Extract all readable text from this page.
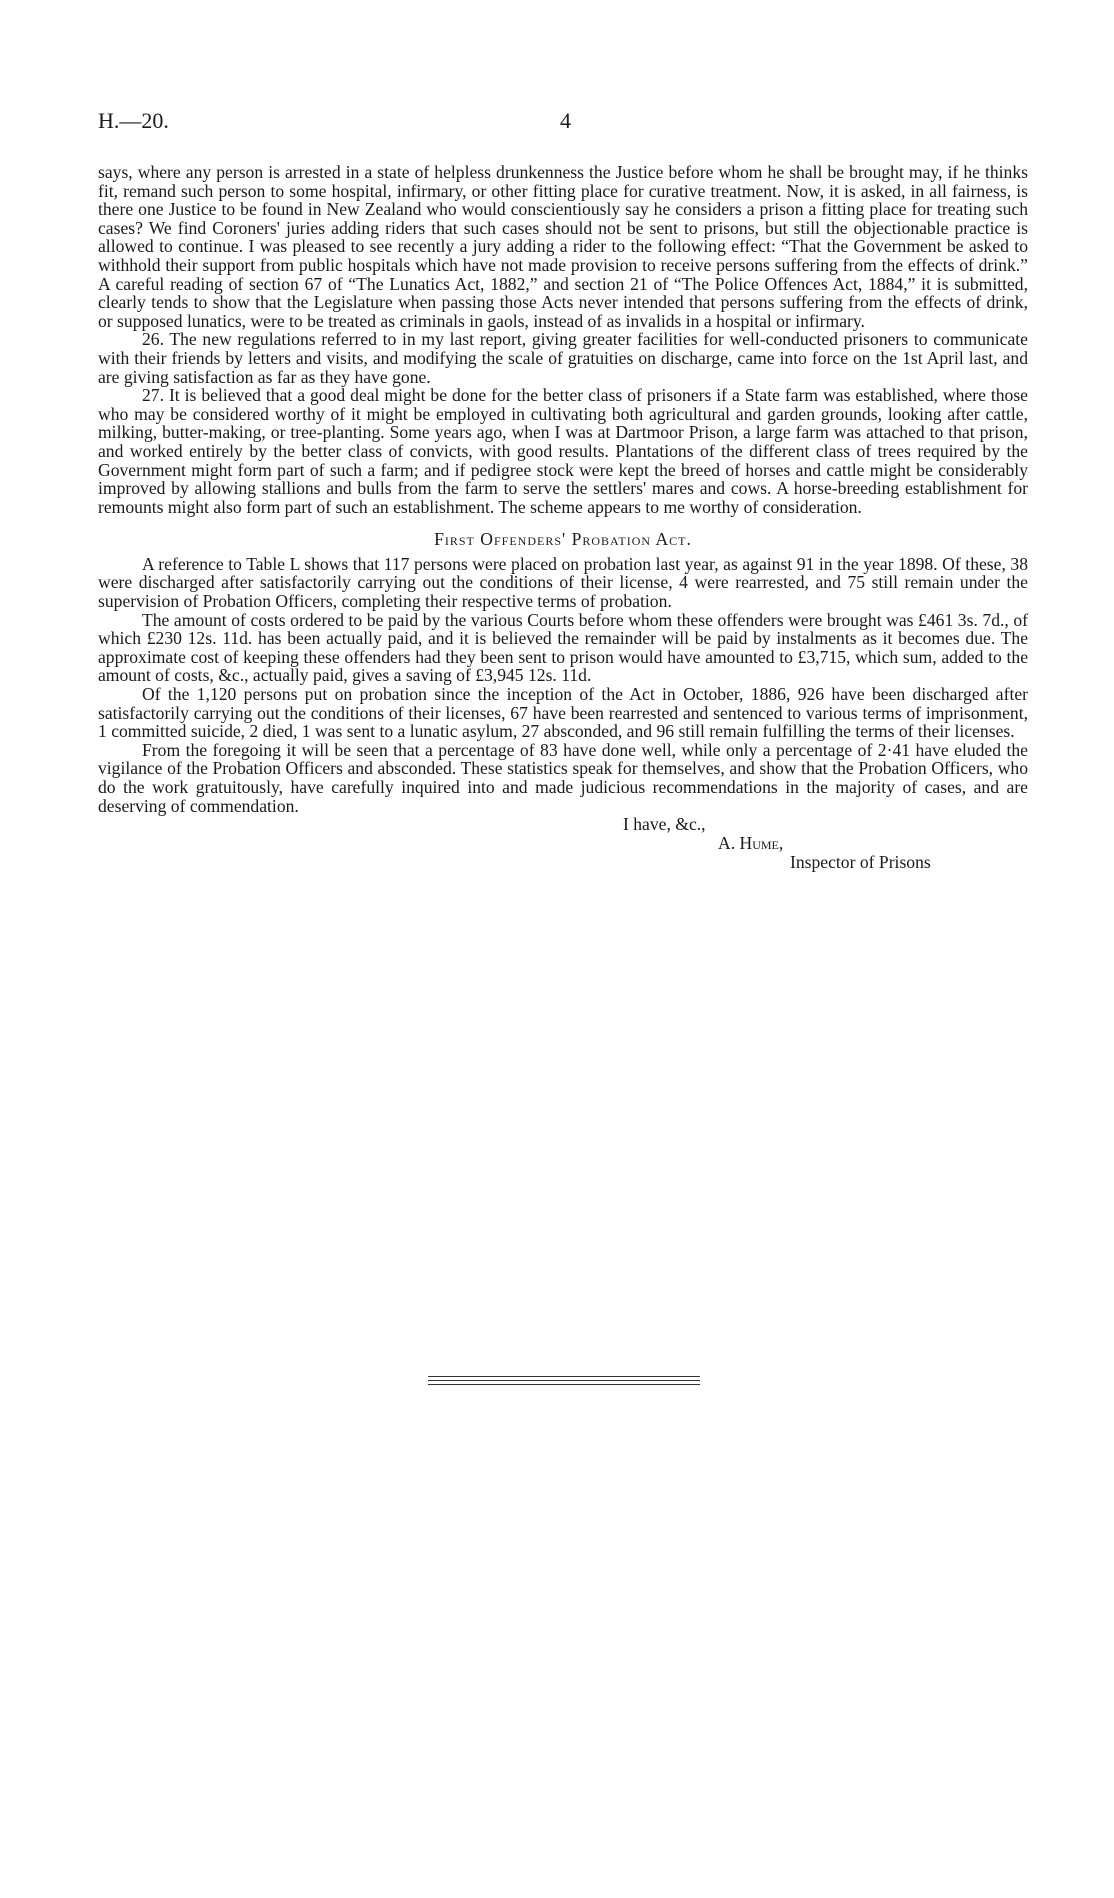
H.—20.	4

says, where any person is arrested in a state of helpless drunkenness the Justice before whom he shall be brought may, if he thinks fit, remand such person to some hospital, infirmary, or other fitting place for curative treatment. Now, it is asked, in all fairness, is there one Justice to be found in New Zealand who would conscientiously say he considers a prison a fitting place for treating such cases? We find Coroners' juries adding riders that such cases should not be sent to prisons, but still the objectionable practice is allowed to continue. I was pleased to see recently a jury adding a rider to the following effect: “That the Government be asked to withhold their support from public hospitals which have not made provision to receive persons suffering from the effects of drink.” A careful reading of section 67 of “The Lunatics Act, 1882,” and section 21 of “The Police Offences Act, 1884,” it is submitted, clearly tends to show that the Legislature when passing those Acts never intended that persons suffering from the effects of drink, or supposed lunatics, were to be treated as criminals in gaols, instead of as invalids in a hospital or infirmary.

26. The new regulations referred to in my last report, giving greater facilities for well-conducted prisoners to communicate with their friends by letters and visits, and modifying the scale of gratuities on discharge, came into force on the 1st April last, and are giving satisfaction as far as they have gone.

27. It is believed that a good deal might be done for the better class of prisoners if a State farm was established, where those who may be considered worthy of it might be employed in cultivating both agricultural and garden grounds, looking after cattle, milking, butter-making, or tree-planting. Some years ago, when I was at Dartmoor Prison, a large farm was attached to that prison, and worked entirely by the better class of convicts, with good results. Plantations of the different class of trees required by the Government might form part of such a farm; and if pedigree stock were kept the breed of horses and cattle might be considerably improved by allowing stallions and bulls from the farm to serve the settlers' mares and cows. A horse-breeding establishment for remounts might also form part of such an establishment. The scheme appears to me worthy of consideration.

First Offenders' Probation Act.

A reference to Table L shows that 117 persons were placed on probation last year, as against 91 in the year 1898. Of these, 38 were discharged after satisfactorily carrying out the conditions of their license, 4 were rearrested, and 75 still remain under the supervision of Probation Officers, completing their respective terms of probation.

The amount of costs ordered to be paid by the various Courts before whom these offenders were brought was £461 3s. 7d., of which £230 12s. 11d. has been actually paid, and it is believed the remainder will be paid by instalments as it becomes due. The approximate cost of keeping these offenders had they been sent to prison would have amounted to £3,715, which sum, added to the amount of costs, &c., actually paid, gives a saving of £3,945 12s. 11d.

Of the 1,120 persons put on probation since the inception of the Act in October, 1886, 926 have been discharged after satisfactorily carrying out the conditions of their licenses, 67 have been rearrested and sentenced to various terms of imprisonment, 1 committed suicide, 2 died, 1 was sent to a lunatic asylum, 27 absconded, and 96 still remain fulfilling the terms of their licenses.

From the foregoing it will be seen that a percentage of 83 have done well, while only a percentage of 2·41 have eluded the vigilance of the Probation Officers and absconded. These statistics speak for themselves, and show that the Probation Officers, who do the work gratuitously, have carefully inquired into and made judicious recommendations in the majority of cases, and are deserving of commendation.

I have, &c.,
A. Hume,
Inspector of Prisons
